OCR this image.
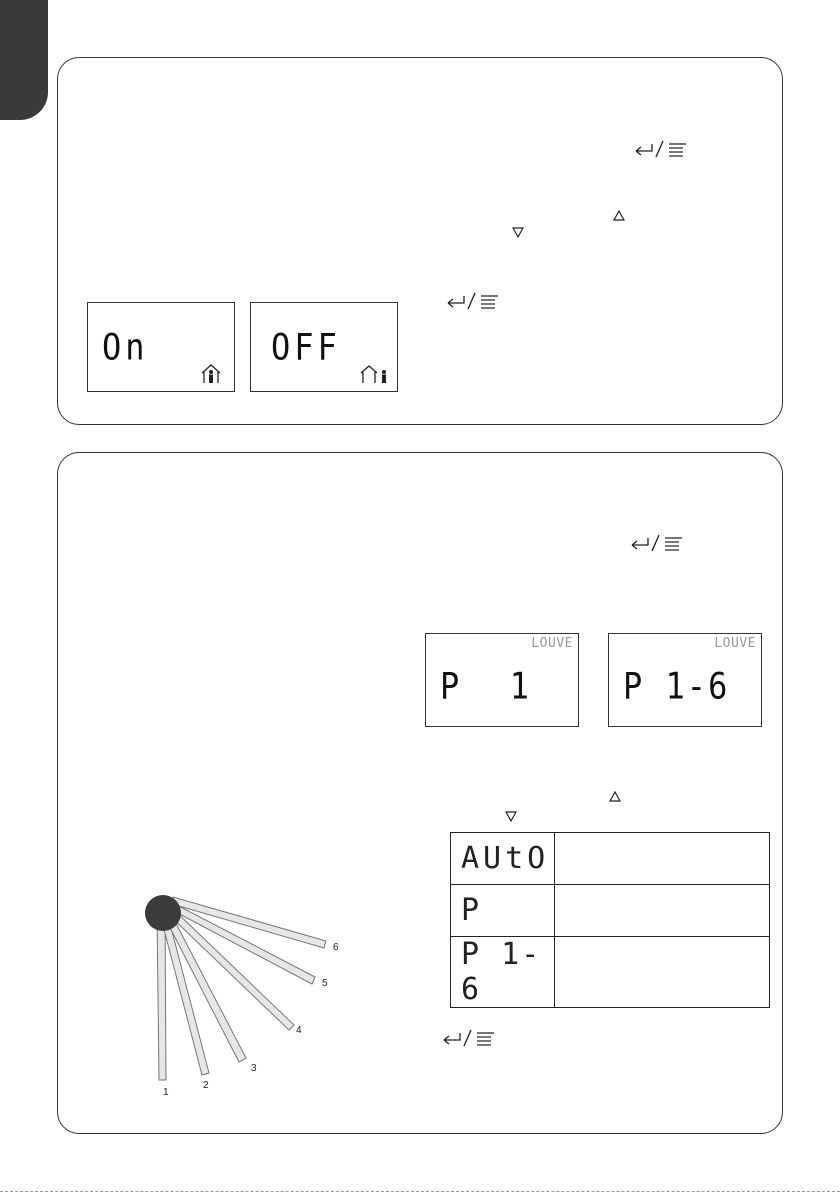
On	OFF
LOUVE
P  1
LOUVE
P 1-6
AUtO	
P	
P 1-6	
1
2
3
4
5
6
